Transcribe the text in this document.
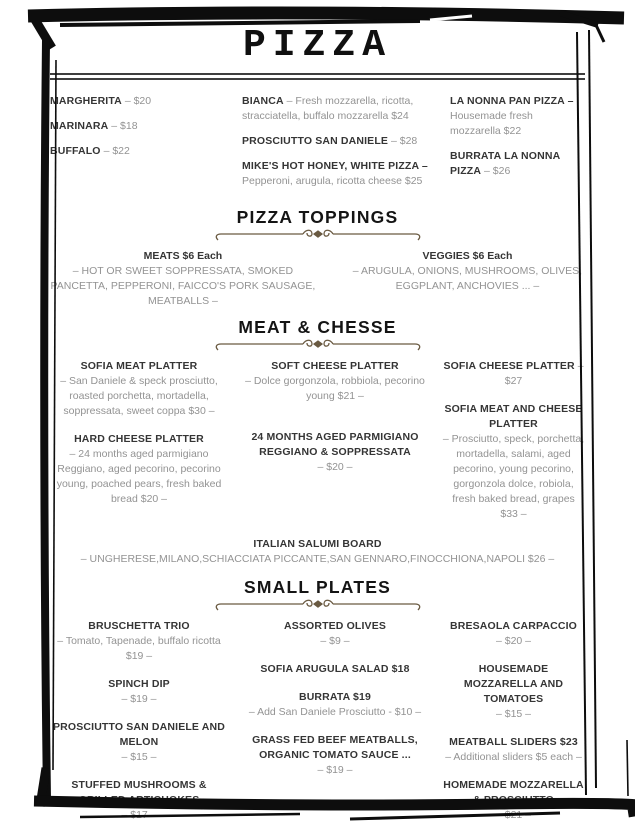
PIZZA
MARGHERITA – $20
MARINARA – $18
BUFFALO – $22
BIANCA – Fresh mozzarella, ricotta, stracciatella, buffalo mozzarella $24
PROSCIUTTO SAN DANIELE – $28
MIKE'S HOT HONEY, WHITE PIZZA – Pepperoni, arugula, ricotta cheese $25
LA NONNA PAN PIZZA – Housemade fresh mozzarella $22
BURRATA LA NONNA PIZZA – $26
PIZZA TOPPINGS
MEATS $6 Each
– HOT OR SWEET SOPPRESSATA, SMOKED PANCETTA, PEPPERONI, FAICCO'S PORK SAUSAGE, MEATBALLS –
VEGGIES $6 Each
– ARUGULA, ONIONS, MUSHROOMS, OLIVES, EGGPLANT, ANCHOVIES ... –
MEAT & CHESSE
SOFIA MEAT PLATTER
– San Daniele & speck prosciutto, roasted porchetta, mortadella, soppressata, sweet coppa $30 –
HARD CHEESE PLATTER
– 24 months aged parmigiano Reggiano, aged pecorino, pecorino young, poached pears, fresh baked bread $20 –
SOFT CHEESE PLATTER
– Dolce gorgonzola, robbiola, pecorino young $21 –
24 MONTHS AGED PARMIGIANO REGGIANO & SOPPRESSATA
– $20 –
SOFIA CHEESE PLATTER – $27
SOFIA MEAT AND CHEESE PLATTER
– Prosciutto, speck, porchetta, mortadella, salami, aged pecorino, young pecorino, gorgonzola dolce, robiola, fresh baked bread, grapes $33 –
ITALIAN SALUMI BOARD
– UNGHERESE,MILANO,SCHIACCIATA PICCANTE,SAN GENNARO,FINOCCHIONA,NAPOLI $26 –
SMALL PLATES
BRUSCHETTA TRIO
– Tomato, Tapenade, buffalo ricotta $19 –
SPINCH DIP
– $19 –
PROSCIUTTO SAN DANIELE AND MELON
– $15 –
STUFFED MUSHROOMS & GRILLED ARTICHOKES
– $17 –
ASSORTED OLIVES
– $9 –
SOFIA ARUGULA SALAD $18
BURRATA $19
– Add San Daniele Prosciutto - $10 –
GRASS FED BEEF MEATBALLS, ORGANIC TOMATO SAUCE ...
– $19 –
BRESAOLA CARPACCIO
– $20 –
HOUSEMADE MOZZARELLA AND TOMATOES
– $15 –
MEATBALL SLIDERS $23
– Additional sliders $5 each –
HOMEMADE MOZZARELLA & PROSCIUTTO
– $21 –
